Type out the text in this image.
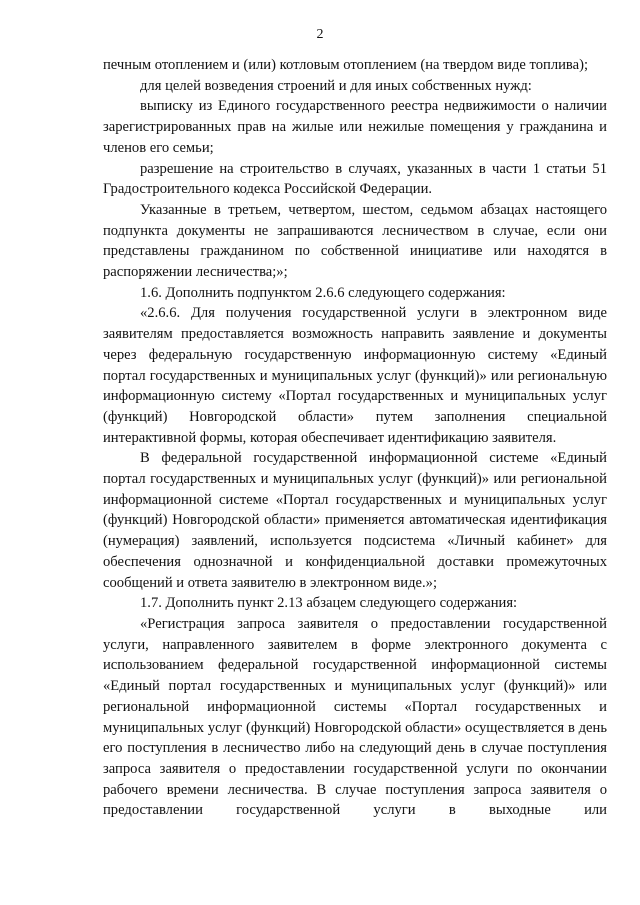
2

печным отоплением и (или) котловым отоплением (на твердом виде топлива);

для целей возведения строений и для иных собственных нужд:

выписку из Единого государственного реестра недвижимости о наличии зарегистрированных прав на жилые или нежилые помещения у гражданина и членов его семьи;

разрешение на строительство в случаях, указанных в части 1 статьи 51 Градостроительного кодекса Российской Федерации.

Указанные в третьем, четвертом, шестом, седьмом абзацах настоящего подпункта документы не запрашиваются лесничеством в случае, если они представлены гражданином по собственной инициативе или находятся в распоряжении лесничества;»;

1.6. Дополнить подпунктом 2.6.6 следующего содержания:

«2.6.6. Для получения государственной услуги в электронном виде заявителям предоставляется возможность направить заявление и документы через федеральную государственную информационную систему «Единый портал государственных и муниципальных услуг (функций)» или региональную информационную систему «Портал государственных и муниципальных услуг (функций) Новгородской области» путем заполнения специальной интерактивной формы, которая обеспечивает идентификацию заявителя.

В федеральной государственной информационной системе «Единый портал государственных и муниципальных услуг (функций)» или региональной информационной системе «Портал государственных и муниципальных услуг (функций) Новгородской области» применяется автоматическая идентификация (нумерация) заявлений, используется подсистема «Личный кабинет» для обеспечения однозначной и конфиденциальной доставки промежуточных сообщений и ответа заявителю в электронном виде.»;

1.7. Дополнить пункт 2.13 абзацем следующего содержания:

«Регистрация запроса заявителя о предоставлении государственной услуги, направленного заявителем в форме электронного документа с использованием федеральной государственной информационной системы «Единый портал государственных и муниципальных услуг (функций)» или региональной информационной системы «Портал государственных и муниципальных услуг (функций) Новгородской области» осуществляется в день его поступления в лесничество либо на следующий день в случае поступления запроса заявителя о предоставлении государственной услуги по окончании рабочего времени лесничества. В случае поступления запроса заявителя о предоставлении государственной услуги в выходные или
